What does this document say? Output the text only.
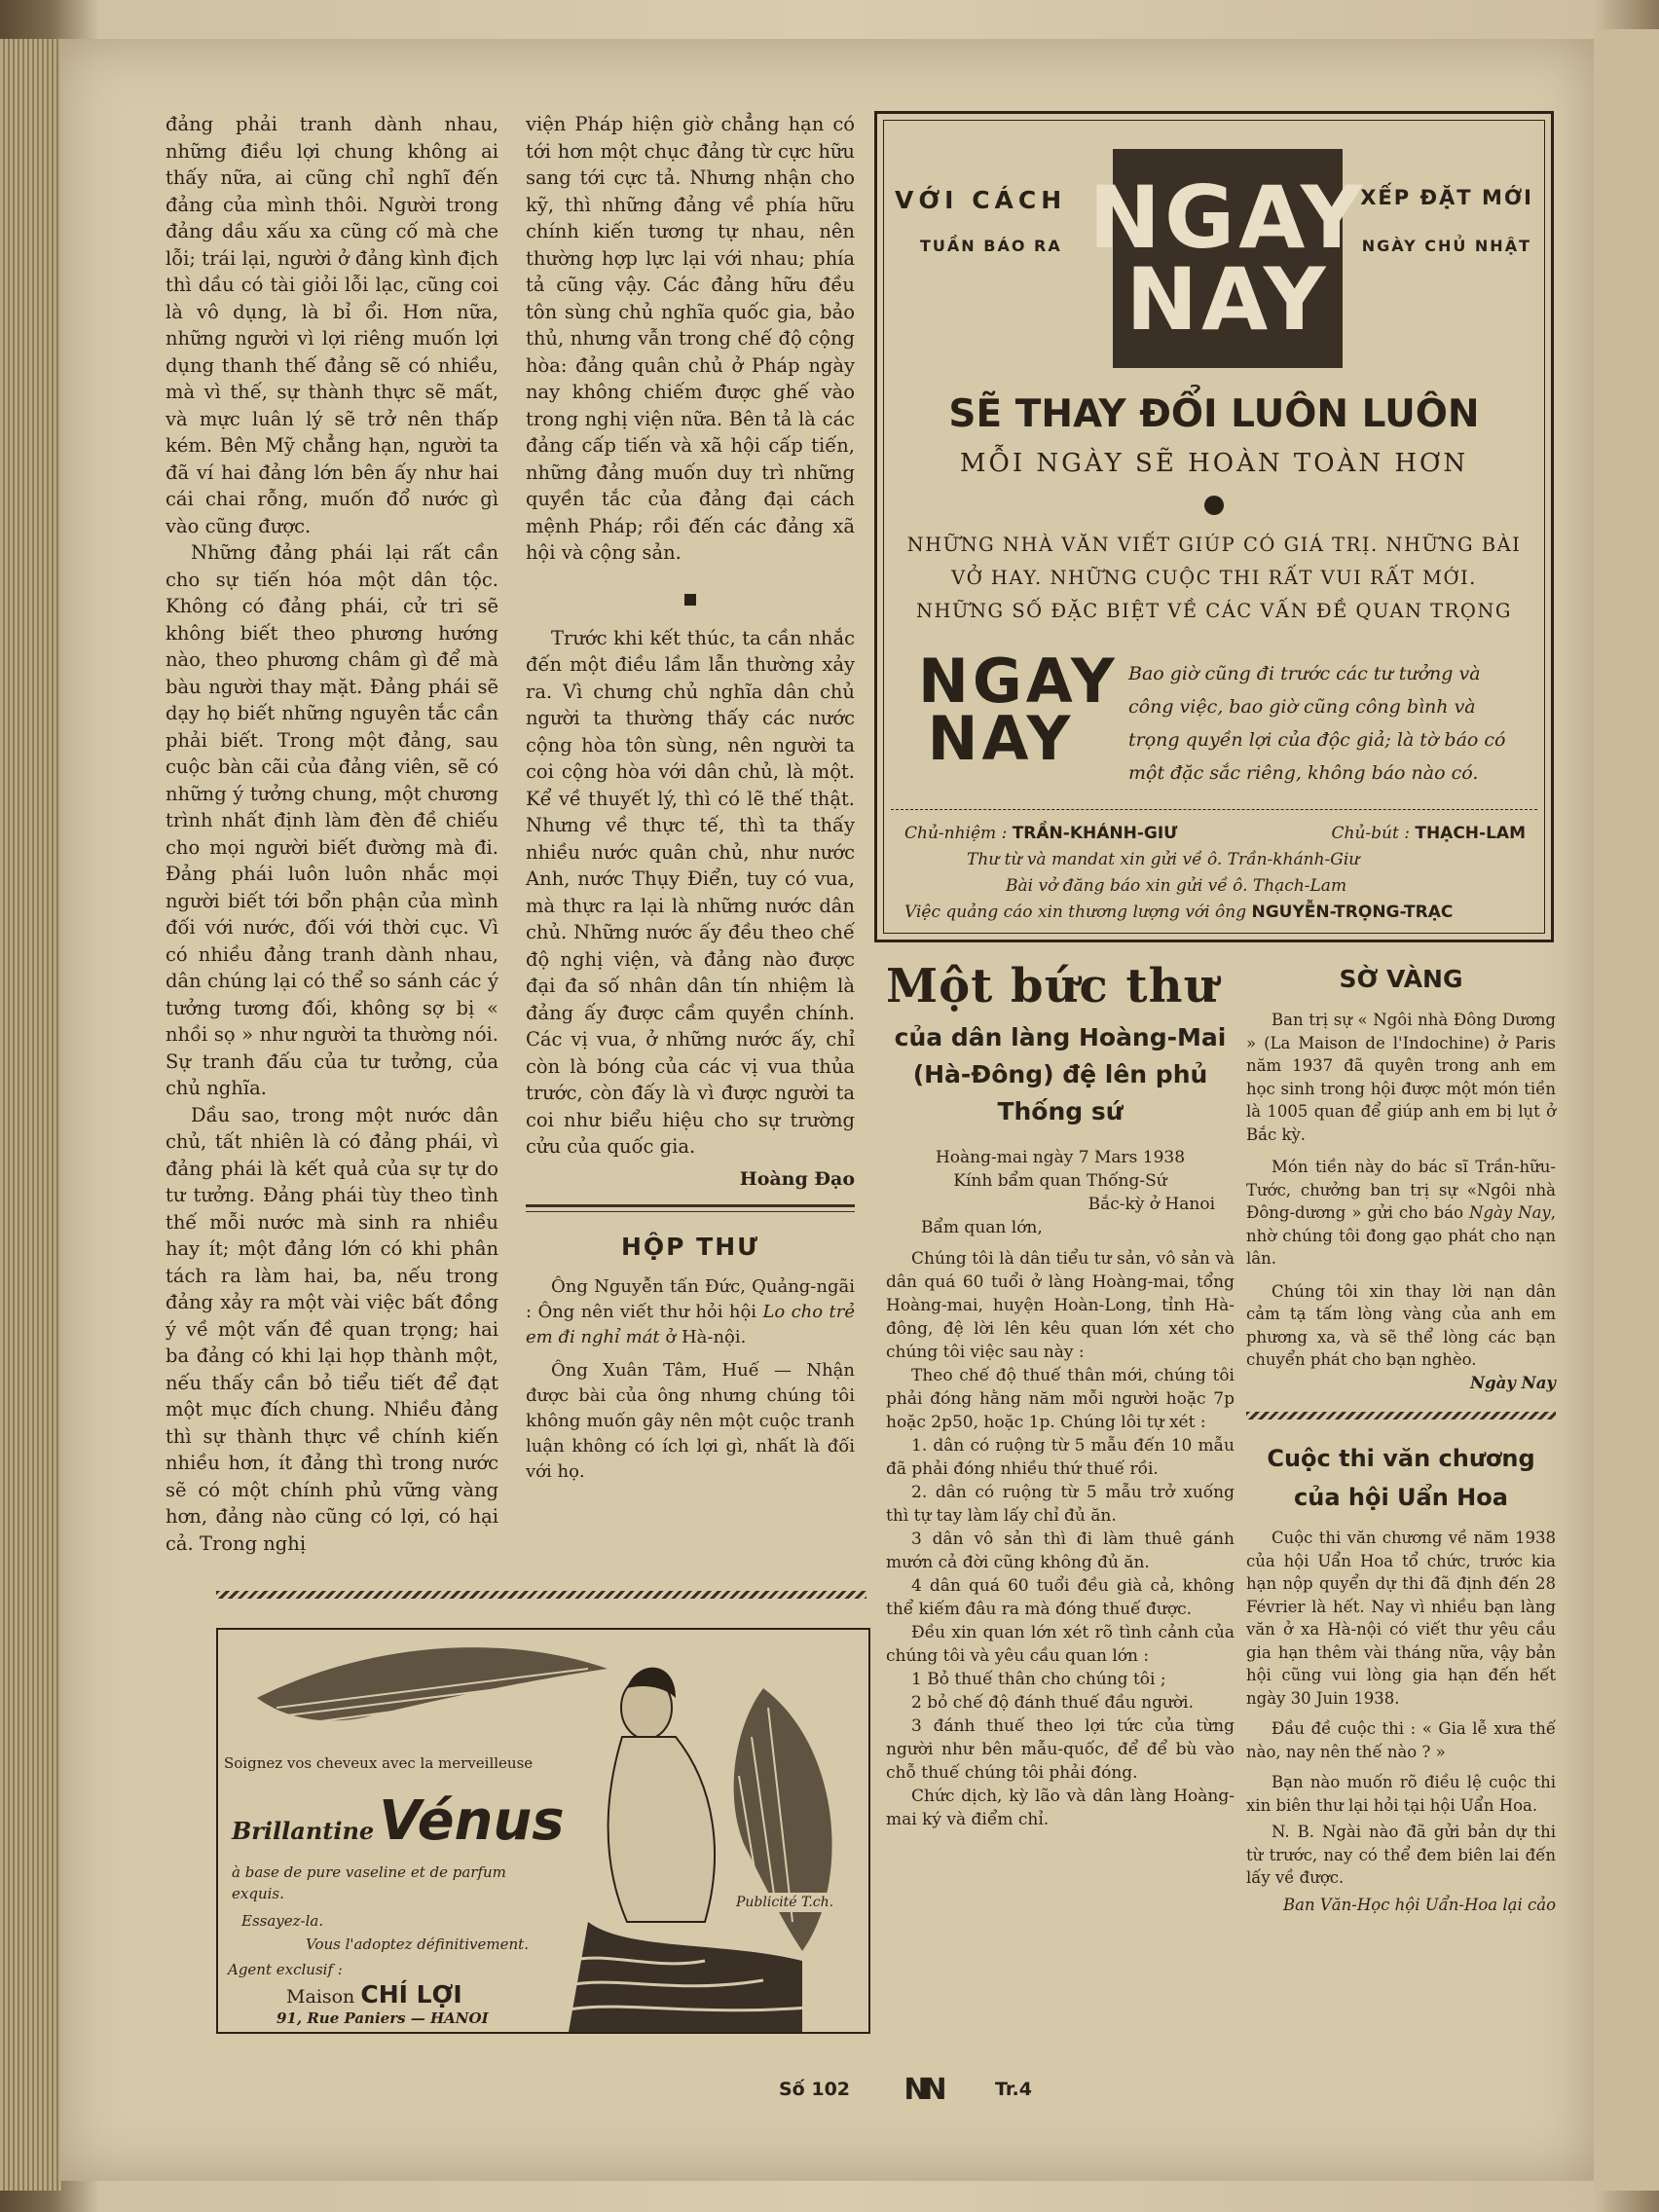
đảng phải tranh dành nhau, những điều lợi chung không ai thấy nữa, ai cũng chỉ nghĩ đến đảng của mình thôi. Người trong đảng dầu xấu xa cũng cố mà che lỗi; trái lại, người ở đảng kình địch thì dầu có tài giỏi lỗi lạc, cũng coi là vô dụng, là bỉ ổi. Hơn nữa, những người vì lợi riêng muốn lợi dụng thanh thế đảng sẽ có nhiều, mà vì thế, sự thành thực sẽ mất, và mực luân lý sẽ trở nên thấp kém. Bên Mỹ chẳng hạn, người ta đã ví hai đảng lớn bên ấy như hai cái chai rỗng, muốn đổ nước gì vào cũng được.

Những đảng phái lại rất cần cho sự tiến hóa một dân tộc. Không có đảng phái, cử tri sẽ không biết theo phương hướng nào, theo phương châm gì để mà bàu người thay mặt. Đảng phái sẽ dạy họ biết những nguyên tắc cần phải biết. Trong một đảng, sau cuộc bàn cãi của đảng viên, sẽ có những ý tưởng chung, một chương trình nhất định làm đèn đề chiếu cho mọi người biết đường mà đi. Đảng phái luôn luôn nhắc mọi người biết tới bổn phận của mình đối với nước, đối với thời cục. Vì có nhiều đảng tranh dành nhau, dân chúng lại có thể so sánh các ý tưởng tương đối, không sợ bị « nhồi sọ » như người ta thường nói. Sự tranh đấu của tư tưởng, của chủ nghĩa.

Dầu sao, trong một nước dân chủ, tất nhiên là có đảng phái, vì đảng phái là kết quả của sự tự do tư tưởng. Đảng phái tùy theo tình thế mỗi nước mà sinh ra nhiều hay ít; một đảng lớn có khi phân tách ra làm hai, ba, nếu trong đảng xảy ra một vài việc bất đồng ý về một vấn đề quan trọng; hai ba đảng có khi lại họp thành một, nếu thấy cần bỏ tiểu tiết để đạt một mục đích chung. Nhiều đảng thì sự thành thực về chính kiến nhiều hơn, ít đảng thì trong nước sẽ có một chính phủ vững vàng hơn, đảng nào cũng có lợi, có hại cả. Trong nghị

viện Pháp hiện giờ chẳng hạn có tới hơn một chục đảng từ cực hữu sang tới cực tả. Nhưng nhận cho kỹ, thì những đảng về phía hữu chính kiến tương tự nhau, nên thường hợp lực lại với nhau; phía tả cũng vậy. Các đảng hữu đều tôn sùng chủ nghĩa quốc gia, bảo thủ, nhưng vẫn trong chế độ cộng hòa: đảng quân chủ ở Pháp ngày nay không chiếm được ghế vào trong nghị viện nữa. Bên tả là các đảng cấp tiến và xã hội cấp tiến, những đảng muốn duy trì những quyền tắc của đảng đại cách mệnh Pháp; rồi đến các đảng xã hội và cộng sản.

Trước khi kết thúc, ta cần nhắc đến một điều lầm lẫn thường xảy ra. Vì chưng chủ nghĩa dân chủ người ta thường thấy các nước cộng hòa tôn sùng, nên người ta coi cộng hòa với dân chủ, là một. Kể về thuyết lý, thì có lẽ thế thật. Nhưng về thực tế, thì ta thấy nhiều nước quân chủ, như nước Anh, nước Thụy Điển, tuy có vua, mà thực ra lại là những nước dân chủ. Những nước ấy đều theo chế độ nghị viện, và đảng nào được đại đa số nhân dân tín nhiệm là đảng ấy được cầm quyền chính. Các vị vua, ở những nước ấy, chỉ còn là bóng của các vị vua thủa trước, còn đấy là vì được người ta coi như biểu hiệu cho sự trường cửu của quốc gia.

Hoàng Đạo
HỘP THƯ

Ông Nguyễn tấn Đức, Quảng-ngãi : Ông nên viết thư hỏi hội Lo cho trẻ em đi nghỉ mát ở Hà-nội.

Ông Xuân Tâm, Huế — Nhận được bài của ông nhưng chúng tôi không muốn gây nên một cuộc tranh luận không có ích lợi gì, nhất là đối với họ.

VỚI CÁCH	XẾP ĐẶT MỚI
TUẦN BÁO RA	NGÀY CHỦ NHẬT
NGAY
NAY
SẼ THAY ĐỔI LUÔN LUÔN
MỖI NGÀY SẼ HOÀN TOÀN HƠN
NHỮNG NHÀ VĂN VIẾT GIÚP CÓ GIÁ TRỊ. NHỮNG BÀI VỞ HAY. NHỮNG CUỘC THI RẤT VUI RẤT MỚI. NHỮNG SỐ ĐẶC BIỆT VỀ CÁC VẤN ĐỀ QUAN TRỌNG
NGAY
NAY
Bao giờ cũng đi trước các tư tưởng và công việc, bao giờ cũng công bình và trọng quyền lợi của độc giả; là tờ báo có một đặc sắc riêng, không báo nào có.
Chủ-nhiệm : TRẦN-KHÁNH-GIƯ	Chủ-bút : THẠCH-LAM
Thư từ và mandat xin gửi về ô. Trần-khánh-Giư
Bài vở đăng báo xin gửi về ô. Thạch-Lam
Việc quảng cáo xin thương lượng với ông NGUYỄN-TRỌNG-TRẠC
Một bức thư
của dân làng Hoàng-Mai (Hà-Đông) đệ lên phủ Thống sứ
Hoàng-mai ngày 7 Mars 1938
Kính bẩm quan Thống-Sứ
Bắc-kỳ ở Hanoi
Bẩm quan lớn,

Chúng tôi là dân tiểu tư sản, vô sản và dân quá 60 tuổi ở làng Hoàng-mai, tổng Hoàng-mai, huyện Hoàn-Long, tỉnh Hà-đông, đệ lời lên kêu quan lớn xét cho chúng tôi việc sau này :

Theo chế độ thuế thân mới, chúng tôi phải đóng hằng năm mỗi người hoặc 7p hoặc 2p50, hoặc 1p. Chúng lôi tự xét :

1. dân có ruộng từ 5 mẫu đến 10 mẫu đã phải đóng nhiều thứ thuế rồi.

2. dân có ruộng từ 5 mẫu trở xuống thì tự tay làm lấy chỉ đủ ăn.

3 dân vô sản thì đi làm thuê gánh mướn cả đời cũng không đủ ăn.

4 dân quá 60 tuổi đều già cả, không thể kiếm đâu ra mà đóng thuế được.

Đều xin quan lớn xét rõ tình cảnh của chúng tôi và yêu cầu quan lớn :

1 Bỏ thuế thân cho chúng tôi ;

2 bỏ chế độ đánh thuế đầu người.

3 đánh thuế theo lợi tức của từng người như bên mẫu-quốc, để để bù vào chỗ thuế chúng tôi phải đóng.

Chức dịch, kỳ lão và dân làng Hoàng-mai ký và điểm chỉ.

SỜ VÀNG

Ban trị sự « Ngôi nhà Đông Dương » (La Maison de l'Indochine) ở Paris năm 1937 đã quyên trong anh em học sinh trong hội được một món tiền là 1005 quan để giúp anh em bị lụt ở Bắc kỳ.

Món tiền này do bác sĩ Trần-hữu-Tước, chưởng ban trị sự «Ngôi nhà Đông-dương » gửi cho báo Ngày Nay, nhờ chúng tôi đong gạo phát cho nạn lân.

Chúng tôi xin thay lời nạn dân cảm tạ tấm lòng vàng của anh em phương xa, và sẽ thể lòng các bạn chuyển phát cho bạn nghèo.

Ngày Nay
Cuộc thi văn chương
của hội Uẩn Hoa

Cuộc thi văn chương về năm 1938 của hội Uẩn Hoa tổ chức, trước kia hạn nộp quyển dự thi đã định đến 28 Février là hết. Nay vì nhiều bạn làng văn ở xa Hà-nội có viết thư yêu cầu gia hạn thêm vài tháng nữa, vậy bản hội cũng vui lòng gia hạn đến hết ngày 30 Juin 1938.

Đầu đề cuộc thi : « Gia lễ xưa thế nào, nay nên thế nào ? »

Bạn nào muốn rõ điều lệ cuộc thi xin biên thư lại hỏi tại hội Uẩn Hoa.

N. B. Ngài nào đã gửi bản dự thi từ trước, nay có thể đem biên lai đến lấy về được.

Ban Văn-Học hội Uẩn-Hoa lại cảo
Soignez vos cheveux avec la merveilleuse
Brillantine Vénus
à base de pure vaseline et de parfum exquis.
Essayez-la.
Vous l'adoptez définitivement.
Agent exclusif :
Maison CHÍ LỢI
91, Rue Paniers — HANOI
Publicité T.ch.
Số 102 NN	Tr.4
